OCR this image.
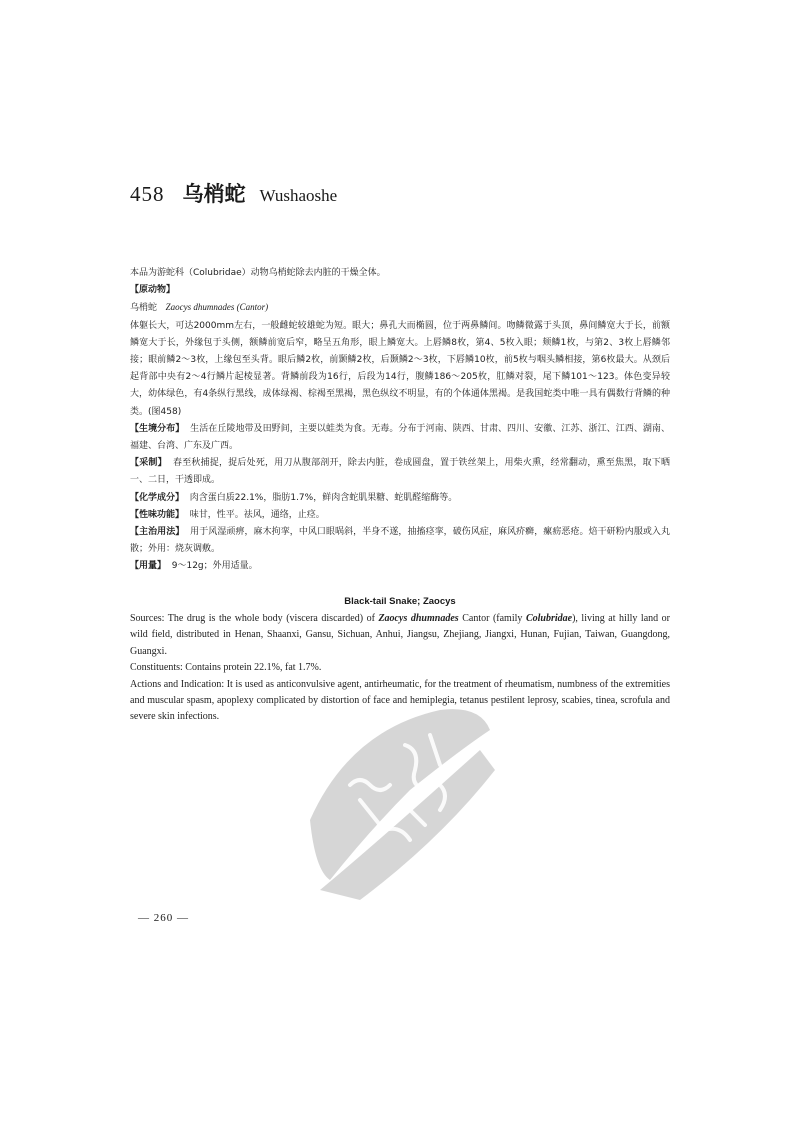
458 乌梢蛇 Wushaoshe

本品为游蛇科（Colubridae）动物乌梢蛇除去内脏的干燥全体。

【原动物】

乌梢蛇 Zaocys dhumnades (Cantor)

体躯长大，可达2000mm左右，一般雌蛇较雄蛇为短。眼大；鼻孔大而椭圆，位于两鼻鳞间。吻鳞微露于头顶，鼻间鳞宽大于长，前额鳞宽大于长，外缘包于头侧，额鳞前宽后窄，略呈五角形，眼上鳞宽大。上唇鳞8枚，第4、5枚入眼；颊鳞1枚，与第2、3枚上唇鳞邻接；眼前鳞2～3枚，上缘包至头背。眼后鳞2枚，前颞鳞2枚，后颞鳞2～3枚，下唇鳞10枚，前5枚与咽头鳞相接，第6枚最大。从颈后起背部中央有2～4行鳞片起棱显著。背鳞前段为16行，后段为14行，腹鳞186～205枚，肛鳞对裂，尾下鳞101～123。体色变异较大，幼体绿色，有4条纵行黑线，成体绿褐、棕褐至黑褐，黑色纵纹不明显，有的个体通体黑褐。是我国蛇类中唯一具有偶数行背鳞的种类。(图458)

【生境分布】 生活在丘陵地带及田野间，主要以蛙类为食。无毒。分布于河南、陕西、甘肃、四川、安徽、江苏、浙江、江西、湖南、福建、台湾、广东及广西。

【采制】 春至秋捕捉，捉后处死，用刀从腹部剖开，除去内脏，卷成圆盘，置于铁丝架上，用柴火熏，经常翻动，熏至焦黑，取下晒一、二日，干透即成。

【化学成分】 肉含蛋白质22.1%，脂肪1.7%，鲜肉含蛇肌果糖、蛇肌醛缩酶等。

【性味功能】 味甘，性平。祛风，通络，止痉。

【主治用法】 用于风湿顽痹，麻木拘挛，中风口眼㖞斜，半身不遂，抽搐痉挛，破伤风症，麻风疥癣，瘰疬恶疮。焙干研粉内服或入丸散；外用：烧灰调敷。

【用量】 9～12g；外用适量。

Black-tail Snake; Zaocys

Sources: The drug is the whole body (viscera discarded) of Zaocys dhumnades Cantor (family Colubridae), living at hilly land or wild field, distributed in Henan, Shaanxi, Gansu, Sichuan, Anhui, Jiangsu, Zhejiang, Jiangxi, Hunan, Fujian, Taiwan, Guangdong, Guangxi.

Constituents: Contains protein 22.1%, fat 1.7%.

Actions and Indication: It is used as anticonvulsive agent, antirheumatic, for the treatment of rheumatism, numbness of the extremities and muscular spasm, apoplexy complicated by distortion of face and hemiplegia, tetanus pestilent leprosy, scabies, tinea, scrofula and severe skin infections.

— 260 —
